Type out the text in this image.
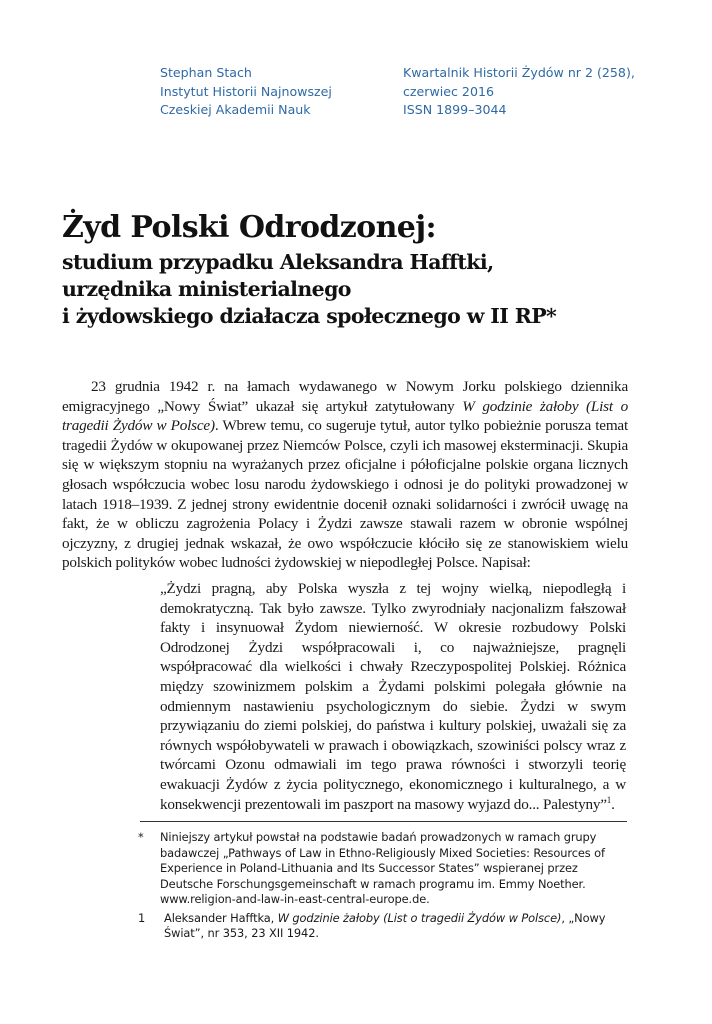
Stephan Stach
Instytut Historii Najnowszej
Czeskiej Akademii Nauk
Kwartalnik Historii Żydów nr 2 (258),
czerwiec 2016
ISSN 1899–3044
Żyd Polski Odrodzonej:
studium przypadku Aleksandra Hafftki,
urzędnika ministerialnego
i żydowskiego działacza społecznego w II RP*

23 grudnia 1942 r. na łamach wydawanego w Nowym Jorku polskiego dziennika emigracyjnego „Nowy Świat” ukazał się artykuł zatytułowany W godzinie żałoby (List o tragedii Żydów w Polsce). Wbrew temu, co sugeruje tytuł, autor tylko pobieżnie porusza temat tragedii Żydów w okupowanej przez Niemców Polsce, czyli ich masowej eksterminacji. Skupia się w większym stopniu na wyrażanych przez oficjalne i półoficjalne polskie organa licznych głosach współczucia wobec losu narodu żydowskiego i odnosi je do polityki prowadzonej w latach 1918–1939. Z jednej strony ewidentnie docenił oznaki solidarności i zwrócił uwagę na fakt, że w obliczu zagrożenia Polacy i Żydzi zawsze stawali razem w obronie wspólnej ojczyzny, z drugiej jednak wskazał, że owo współczucie kłóciło się ze stanowiskiem wielu polskich polityków wobec ludności żydowskiej w niepodległej Polsce. Napisał:

„Żydzi pragną, aby Polska wyszła z tej wojny wielką, niepodległą i demokratyczną. Tak było zawsze. Tylko zwyrodniały nacjonalizm fałszował fakty i insynuował Żydom niewierność. W okresie rozbudowy Polski Odrodzonej Żydzi współpracowali i, co najważniejsze, pragnęli współpracować dla wielkości i chwały Rzeczypospolitej Polskiej. Różnica między szowinizmem polskim a Żydami polskimi polegała głównie na odmiennym nastawieniu psychologicznym do siebie. Żydzi w swym przywiązaniu do ziemi polskiej, do państwa i kultury polskiej, uważali się za równych współobywateli w prawach i obowiązkach, szowiniści polscy wraz z twórcami Ozonu odmawiali im tego prawa równości i stworzyli teorię ewakuacji Żydów z życia politycznego, ekonomicznego i kulturalnego, a w konsekwencji prezentowali im paszport na masowy wyjazd do... Palestyny”$^1$.

* Niniejszy artykuł powstał na podstawie badań prowadzonych w ramach grupy badawczej „Pathways of Law in Ethno-Religiously Mixed Societies: Resources of Experience in Poland-Lithuania and Its Successor States” wspieranej przez Deutsche Forschungsgemeinschaft w ramach programu im. Emmy Noether. www.religion-and-law-in-east-central-europe.de.
1	Aleksander Hafftka, W godzinie żałoby (List o tragedii Żydów w Polsce), „Nowy Świat”, nr 353, 23 XII 1942.
